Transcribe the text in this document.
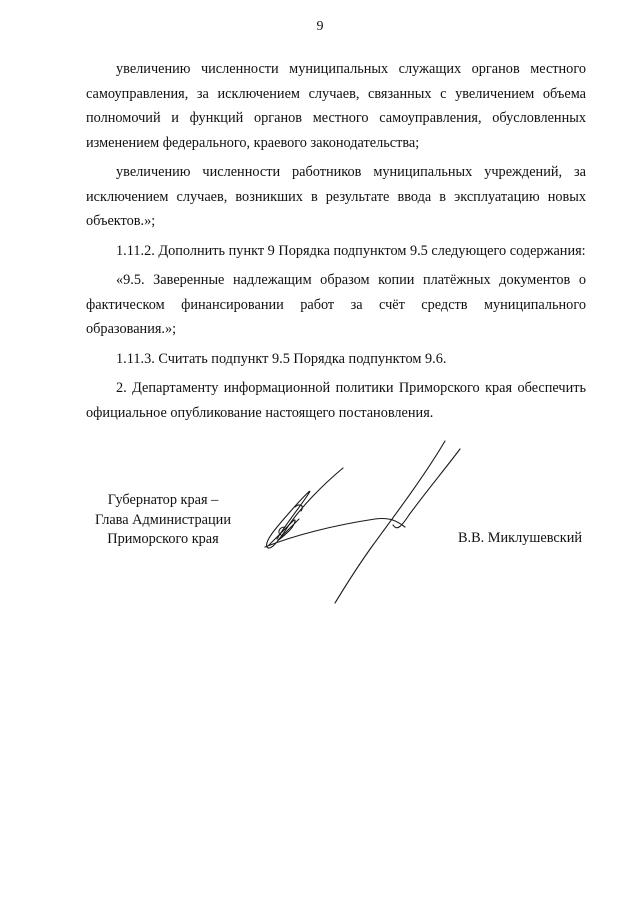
9

увеличению численности муниципальных служащих органов местного самоуправления, за исключением случаев, связанных с увеличением объема полномочий и функций органов местного самоуправления, обусловленных изменением федерального, краевого законодательства;

увеличению численности работников муниципальных учреждений, за исключением случаев, возникших в результате ввода в эксплуатацию новых объектов.»;

1.11.2. Дополнить пункт 9 Порядка подпунктом 9.5 следующего содержания:

«9.5. Заверенные надлежащим образом копии платёжных документов о фактическом финансировании работ за счёт средств муниципального образования.»;

1.11.3. Считать подпункт 9.5 Порядка подпунктом 9.6.

2. Департаменту информационной политики Приморского края обеспечить официальное опубликование настоящего постановления.

Губернатор края –
Глава Администрации
Приморского края	В.В. Миклушевский
